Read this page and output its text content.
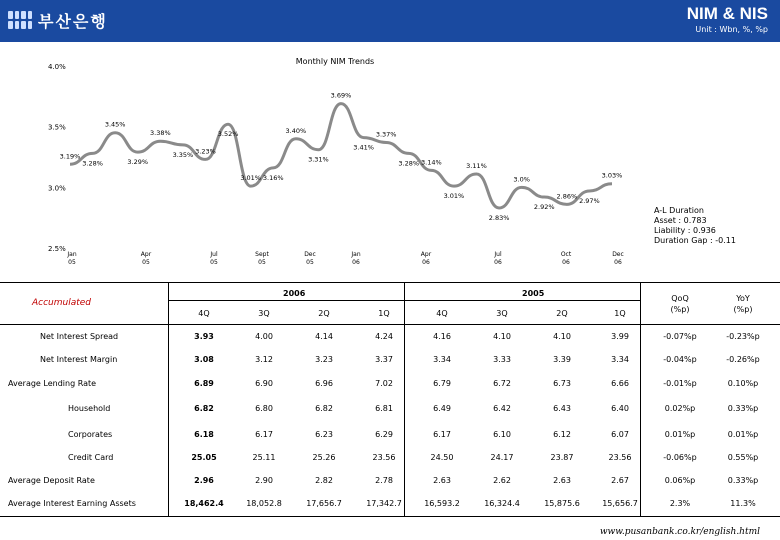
부산은행	NIM & NIS
Unit : Wbn, %, %p
Monthly NIM Trends
4.0%
3.5%
3.0%
2.5%
Jan
05
Apr
05
Jul
05
Sept
05
Dec
05
Jan
06
Apr
06
Jul
06
Oct
06
Dec
06
3.19%
3.28%
3.45%
3.29%
3.38%
3.35% 3.23%
3.52%
3.01% 3.16%
3.40%
3.31%
3.69%
3.41%
3.37%
3.28% 3.14%
3.01%
3.11%
2.83%
3.0%
2.92%
2.86%
2.97%
3.03%
A-L Duration
Asset : 0.783
Liability : 0.936
Duration Gap : -0.11
Accumulated
2006	2005
4Q	3Q	2Q	1Q	4Q	3Q	2Q	1Q
QoQ
(%p)
YoY
(%p)
Net Interest Spread	3.93	4.00	4.14	4.24	4.16	4.10	4.10	3.99	-0.07%p	-0.23%p
Net Interest Margin	3.08	3.12	3.23	3.37	3.34	3.33	3.39	3.34	-0.04%p	-0.26%p
Average Lending Rate	6.89	6.90	6.96	7.02	6.79	6.72	6.73	6.66	-0.01%p	0.10%p
Household	6.82	6.80	6.82	6.81	6.49	6.42	6.43	6.40	0.02%p	0.33%p
Corporates	6.18	6.17	6.23	6.29	6.17	6.10	6.12	6.07	0.01%p	0.01%p
Credit Card	25.05	25.11	25.26	23.56	24.50	24.17	23.87	23.56	-0.06%p	0.55%p
Average Deposit Rate	2.96	2.90	2.82	2.78	2.63	2.62	2.63	2.67	0.06%p	0.33%p
Average Interest Earning Assets	18,462.4	18,052.8	17,656.7	17,342.7	16,593.2	16,324.4	15,875.6	15,656.7	2.3%	11.3%
www.pusanbank.co.kr/english.html
